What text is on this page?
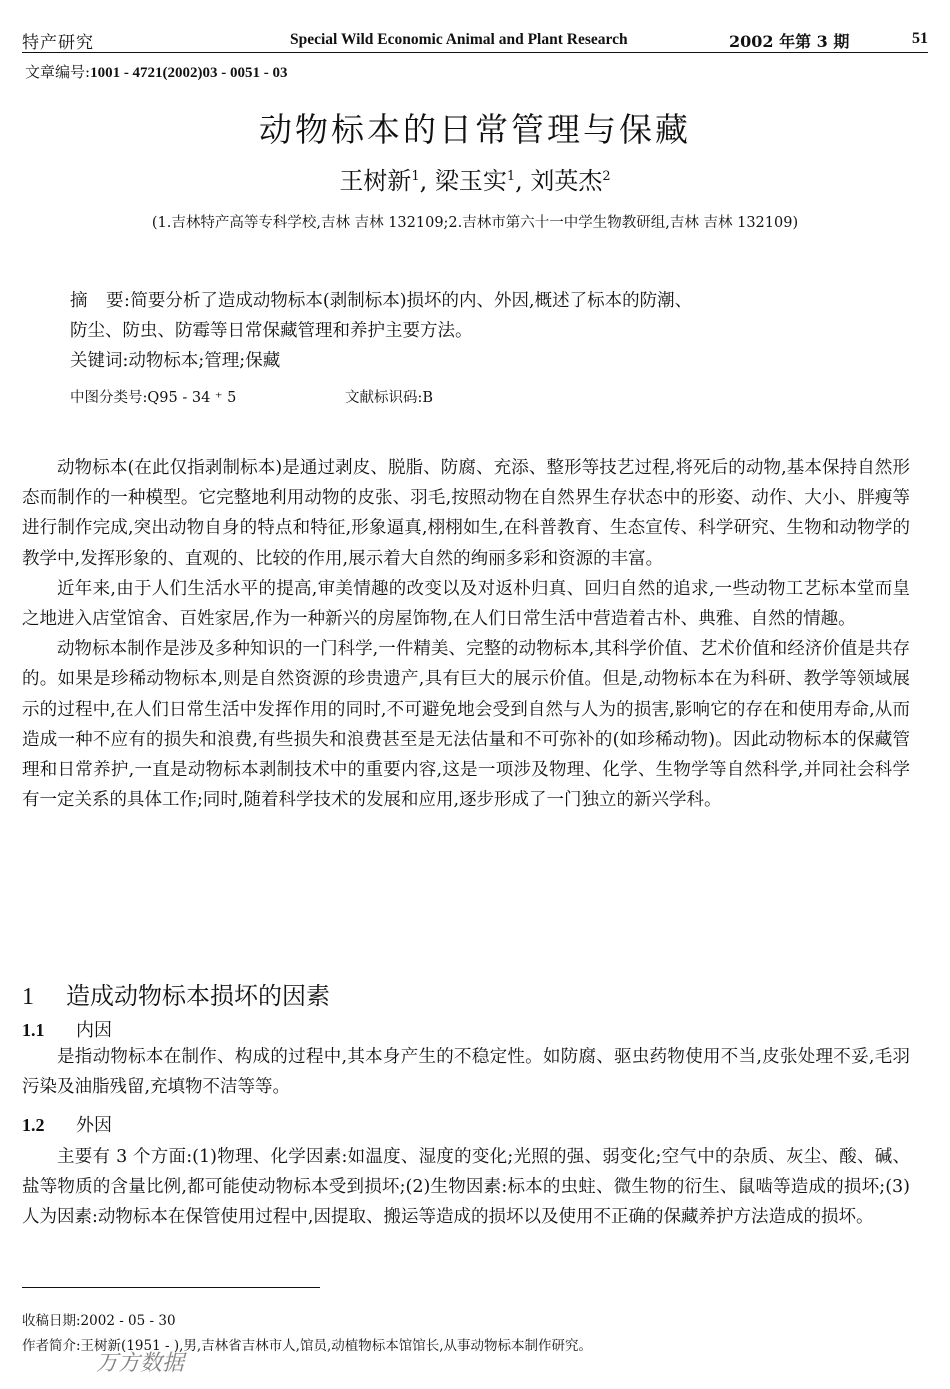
特产研究	Special Wild Economic Animal and Plant Research	2002 年第 3 期	51
文章编号:1001 - 4721(2002)03 - 0051 - 03
动物标本的日常管理与保藏
王树新$^1$, 梁玉实$^1$, 刘英杰$^2$
(1.吉林特产高等专科学校,吉林 吉林 132109;2.吉林市第六十一中学生物教研组,吉林 吉林 132109)
摘　要:简要分析了造成动物标本(剥制标本)损坏的内、外因,概述了标本的防潮、
防尘、防虫、防霉等日常保藏管理和养护主要方法。
关键词:动物标本;管理;保藏
中图分类号:Q95 - 34 ⁺ 5	文献标识码:B

动物标本(在此仅指剥制标本)是通过剥皮、脱脂、防腐、充添、整形等技艺过程,将死后的动物,基本保持自然形态而制作的一种模型。它完整地利用动物的皮张、羽毛,按照动物在自然界生存状态中的形姿、动作、大小、胖瘦等进行制作完成,突出动物自身的特点和特征,形象逼真,栩栩如生,在科普教育、生态宣传、科学研究、生物和动物学的教学中,发挥形象的、直观的、比较的作用,展示着大自然的绚丽多彩和资源的丰富。

近年来,由于人们生活水平的提高,审美情趣的改变以及对返朴归真、回归自然的追求,一些动物工艺标本堂而皇之地进入店堂馆舍、百姓家居,作为一种新兴的房屋饰物,在人们日常生活中营造着古朴、典雅、自然的情趣。

动物标本制作是涉及多种知识的一门科学,一件精美、完整的动物标本,其科学价值、艺术价值和经济价值是共存的。如果是珍稀动物标本,则是自然资源的珍贵遗产,具有巨大的展示价值。但是,动物标本在为科研、教学等领域展示的过程中,在人们日常生活中发挥作用的同时,不可避免地会受到自然与人为的损害,影响它的存在和使用寿命,从而造成一种不应有的损失和浪费,有些损失和浪费甚至是无法估量和不可弥补的(如珍稀动物)。因此动物标本的保藏管理和日常养护,一直是动物标本剥制技术中的重要内容,这是一项涉及物理、化学、生物学等自然科学,并同社会科学有一定关系的具体工作;同时,随着科学技术的发展和应用,逐步形成了一门独立的新兴学科。

1 造成动物标本损坏的因素
1.1 内因

是指动物标本在制作、构成的过程中,其本身产生的不稳定性。如防腐、驱虫药物使用不当,皮张处理不妥,毛羽污染及油脂残留,充填物不洁等等。

1.2 外因

主要有 3 个方面:(1)物理、化学因素:如温度、湿度的变化;光照的强、弱变化;空气中的杂质、灰尘、酸、碱、盐等物质的含量比例,都可能使动物标本受到损坏;(2)生物因素:标本的虫蛀、微生物的衍生、鼠啮等造成的损坏;(3)人为因素:动物标本在保管使用过程中,因提取、搬运等造成的损坏以及使用不正确的保藏养护方法造成的损坏。

收稿日期:2002 - 05 - 30
作者简介:王树新(1951 - ),男,吉林省吉林市人,馆员,动植物标本馆馆长,从事动物标本制作研究。
万方数据
